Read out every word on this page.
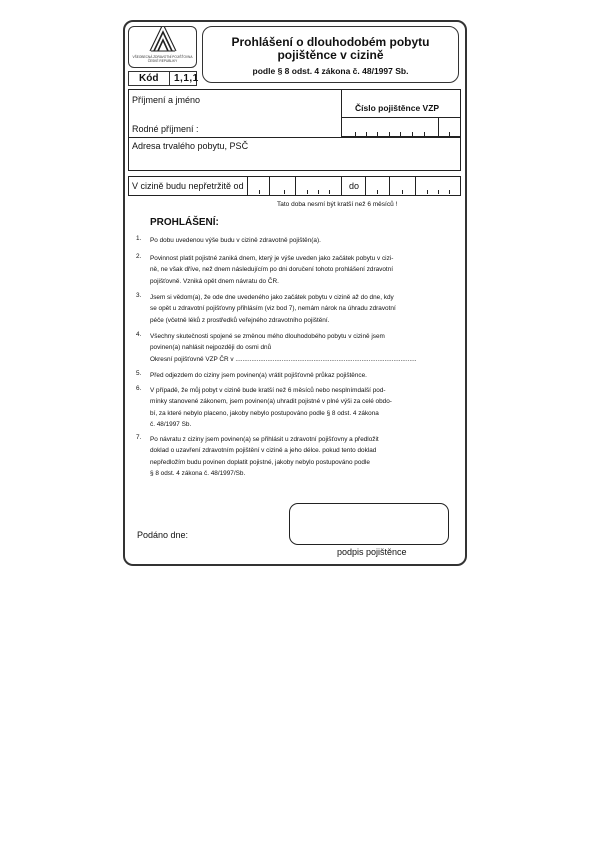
VŠEOBECNÁ ZDRAVOTNÍ POJIŠŤOVNA ČESKÉ REPUBLIKY
Prohlášení o dlouhodobém pobytu
pojištěnce v cizině
podle § 8 odst. 4 zákona č. 48/1997 Sb.
Kód 1,1,1
Příjmení a jméno
Rodné příjmení :
Číslo pojištěnce VZP
Adresa trvalého pobytu, PSČ
V cizině budu nepřetržitě od	do
Tato doba nesmí být kratší než 6 měsíců !
PROHLÁŠENÍ:
1. Po dobu uvedenou výše budu v cizině zdravotně pojištěn(a).
2. Povinnost platit pojistné zaniká dnem, který je výše uveden jako začátek pobytu v cizi-
ně, ne však dříve, než dnem následujícím po dni doručení tohoto prohlášení zdravotní
pojišťovně. Vzniká opět dnem návratu do ČR.
3. Jsem si vědom(a), že ode dne uvedeného jako začátek pobytu v cizině až do dne, kdy
se opět u zdravotní pojišťovny přihlásím (viz bod 7), nemám nárok na úhradu zdravotní
péče (včetně léků z prostředků veřejného zdravotního pojištění.
4. Všechny skutečnosti spojené se změnou mého dlouhodobého pobytu v cizině jsem
povinen(a) nahlásit nejpozději do osmi dnů
Okresní pojišťovně VZP ČR v ......................................................................................................
5. Před odjezdem do ciziny jsem povinen(a) vrátit pojišťovně průkaz pojištěnce.
6. V případě, že můj pobyt v cizině bude kratší než 6 měsíců nebo nesplnímdalší pod-
mínky stanovené zákonem, jsem povinen(a) uhradit pojistné v plné výši za celé obdo-
bí, za které nebylo placeno, jakoby nebylo postupováno podle § 8 odst. 4 zákona
č. 48/1997 Sb.
7. Po návratu z ciziny jsem povinen(a) se přihlásit u zdravotní pojišťovny a předložit
doklad o uzavření zdravotním pojištění v cizině a jeho délce. pokud tento doklad
nepředložím budu povinen doplatit pojistné, jakoby nebylo postupováno podle
§ 8 odst. 4 zákona č. 48/1997/Sb.
Podáno dne:
podpis pojištěnce
